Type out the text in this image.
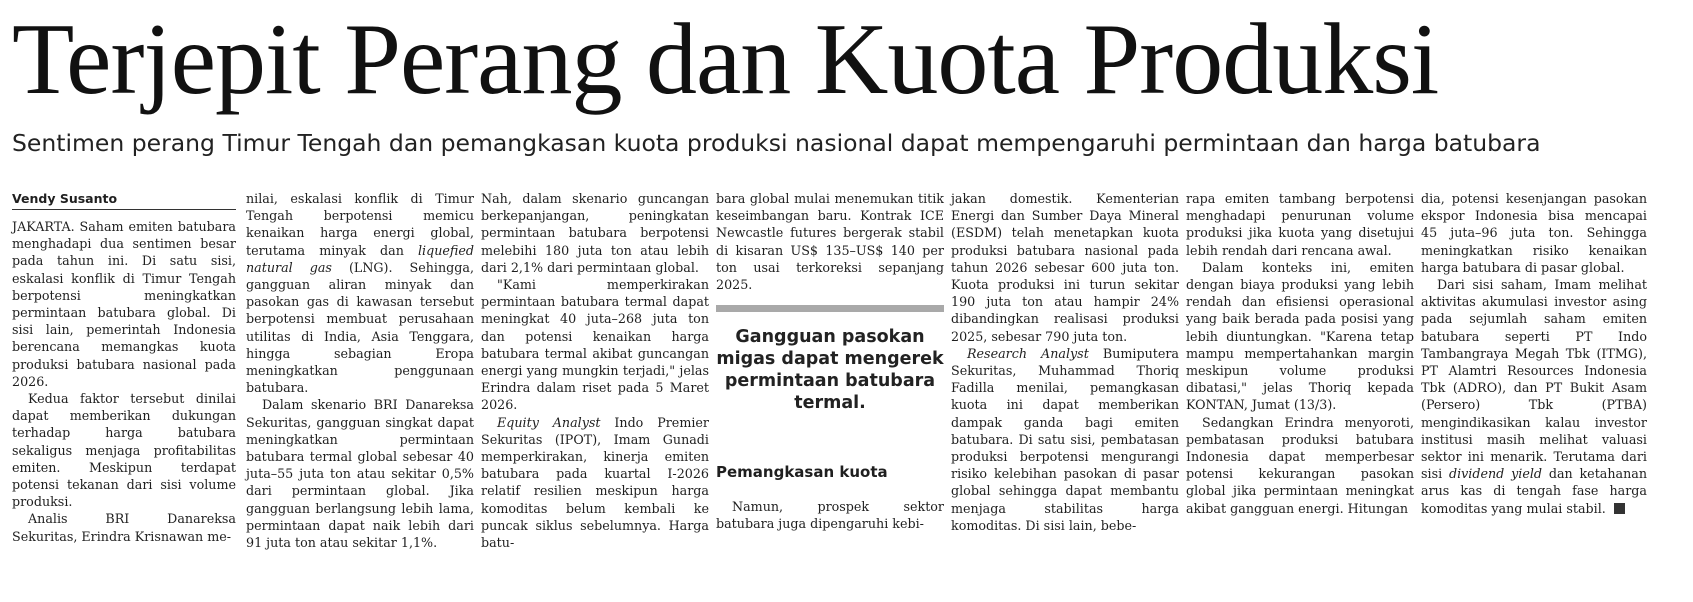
Terjepit Perang dan Kuota Produksi
Sentimen perang Timur Tengah dan pemangkasan kuota produksi nasional dapat mempengaruhi permintaan dan harga batubara
Vendy Susanto

JAKARTA. Saham emiten batubara menghadapi dua sentimen besar pada tahun ini. Di satu sisi, eskalasi konflik di Timur Tengah berpotensi meningkatkan permintaan batubara global. Di sisi lain, pemerintah Indonesia berencana memangkas kuota produksi batubara nasional pada 2026.

Kedua faktor tersebut dinilai dapat memberikan dukungan terhadap harga batubara sekaligus menjaga profitabilitas emiten. Meskipun terdapat potensi tekanan dari sisi volume produksi.

Analis BRI Danareksa Sekuritas, Erindra Krisnawan me-

nilai, eskalasi konflik di Timur Tengah berpotensi memicu kenaikan harga energi global, terutama minyak dan liquefied natural gas (LNG). Sehingga, gangguan aliran minyak dan pasokan gas di kawasan tersebut berpotensi membuat perusahaan utilitas di India, Asia Tenggara, hingga sebagian Eropa meningkatkan penggunaan batubara.

Dalam skenario BRI Danareksa Sekuritas, gangguan singkat dapat meningkatkan permintaan batubara termal global sebesar 40 juta–55 juta ton atau sekitar 0,5% dari permintaan global. Jika gangguan berlangsung lebih lama, permintaan dapat naik lebih dari 91 juta ton atau sekitar 1,1%.

Nah, dalam skenario guncangan berkepanjangan, peningkatan permintaan batubara berpotensi melebihi 180 juta ton atau lebih dari 2,1% dari permintaan global.

"Kami memperkirakan permintaan batubara termal dapat meningkat 40 juta–268 juta ton dan potensi kenaikan harga batubara termal akibat guncangan energi yang mungkin terjadi," jelas Erindra dalam riset pada 5 Maret 2026.

Equity Analyst Indo Premier Sekuritas (IPOT), Imam Gunadi memperkirakan, kinerja emiten batubara pada kuartal I-2026 relatif resilien meskipun harga komoditas belum kembali ke puncak siklus sebelumnya. Harga batu-

bara global mulai menemukan titik keseimbangan baru. Kontrak ICE Newcastle futures bergerak stabil di kisaran US$ 135–US$ 140 per ton usai terkoreksi sepanjang 2025.

Gangguan pasokan migas dapat mengerek permintaan batubara termal.
Pemangkasan kuota

Namun, prospek sektor batubara juga dipengaruhi kebi-

jakan domestik. Kementerian Energi dan Sumber Daya Mineral (ESDM) telah menetapkan kuota produksi batubara nasional pada tahun 2026 sebesar 600 juta ton. Kuota produksi ini turun sekitar 190 juta ton atau hampir 24% dibandingkan realisasi produksi 2025, sebesar 790 juta ton.

Research Analyst Bumiputera Sekuritas, Muhammad Thoriq Fadilla menilai, pemangkasan kuota ini dapat memberikan dampak ganda bagi emiten batubara. Di satu sisi, pembatasan produksi berpotensi mengurangi risiko kelebihan pasokan di pasar global sehingga dapat membantu menjaga stabilitas harga komoditas. Di sisi lain, bebe-

rapa emiten tambang berpotensi menghadapi penurunan volume produksi jika kuota yang disetujui lebih rendah dari rencana awal.

Dalam konteks ini, emiten dengan biaya produksi yang lebih rendah dan efisiensi operasional yang baik berada pada posisi yang lebih diuntungkan. "Karena tetap mampu mempertahankan margin meskipun volume produksi dibatasi," jelas Thoriq kepada KONTAN, Jumat (13/3).

Sedangkan Erindra menyoroti, pembatasan produksi batubara Indonesia dapat memperbesar potensi kekurangan pasokan global jika permintaan meningkat akibat gangguan energi. Hitungan

dia, potensi kesenjangan pasokan ekspor Indonesia bisa mencapai 45 juta–96 juta ton. Sehingga meningkatkan risiko kenaikan harga batubara di pasar global.

Dari sisi saham, Imam melihat aktivitas akumulasi investor asing pada sejumlah saham emiten batubara seperti PT Indo Tambangraya Megah Tbk (ITMG), PT Alamtri Resources Indonesia Tbk (ADRO), dan PT Bukit Asam (Persero) Tbk (PTBA) mengindikasikan kalau investor institusi masih melihat valuasi sektor ini menarik. Terutama dari sisi dividend yield dan ketahanan arus kas di tengah fase harga komoditas yang mulai stabil.
